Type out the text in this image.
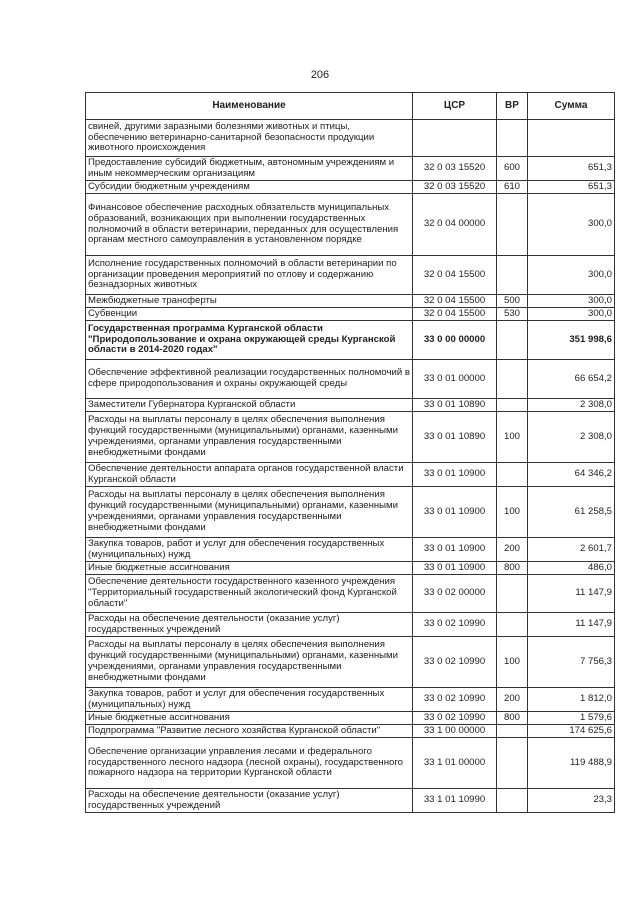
206
Наименование	ЦСР	ВР	Сумма
свиней, другими заразными болезнями животных и птицы, обеспечению ветеринарно-санитарной безопасности продукции животного происхождения			
Предоставление субсидий бюджетным, автономным учреждениям и иным некоммерческим организациям	32 0 03 15520	600	651,3
Субсидии бюджетным учреждениям	32 0 03 15520	610	651,3
Финансовое обеспечение расходных обязательств муниципальных образований, возникающих при выполнении государственных полномочий в области ветеринарии, переданных для осуществления органам местного самоуправления в установленном порядке	32 0 04 00000		300,0
Исполнение государственных полномочий в области ветеринарии по организации проведения мероприятий по отлову и содержанию безнадзорных животных	32 0 04 15500		300,0
Межбюджетные трансферты	32 0 04 15500	500	300,0
Субвенции	32 0 04 15500	530	300,0
Государственная программа Курганской области "Природопользование и охрана окружающей среды Курганской области в 2014-2020 годах"	33 0 00 00000		351 998,6
Обеспечение эффективной реализации государственных полномочий в сфере природопользования и охраны окружающей среды	33 0 01 00000		66 654,2
Заместители Губернатора Курганской области	33 0 01 10890		2 308,0
Расходы на выплаты персоналу в целях обеспечения выполнения функций государственными (муниципальными) органами, казенными учреждениями, органами управления государственными внебюджетными фондами	33 0 01 10890	100	2 308,0
Обеспечение деятельности аппарата органов государственной власти Курганской области	33 0 01 10900		64 346,2
Расходы на выплаты персоналу в целях обеспечения выполнения функций государственными (муниципальными) органами, казенными учреждениями, органами управления государственными внебюджетными фондами	33 0 01 10900	100	61 258,5
Закупка товаров, работ и услуг для обеспечения государственных (муниципальных) нужд	33 0 01 10900	200	2 601,7
Иные бюджетные ассигнования	33 0 01 10900	800	486,0
Обеспечение деятельности государственного казенного учреждения "Территориальный государственный экологический фонд Курганской области"	33 0 02 00000		11 147,9
Расходы на обеспечение деятельности (оказание услуг) государственных учреждений	33 0 02 10990		11 147,9
Расходы на выплаты персоналу в целях обеспечения выполнения функций государственными (муниципальными) органами, казенными учреждениями, органами управления государственными внебюджетными фондами	33 0 02 10990	100	7 756,3
Закупка товаров, работ и услуг для обеспечения государственных (муниципальных) нужд	33 0 02 10990	200	1 812,0
Иные бюджетные ассигнования	33 0 02 10990	800	1 579,6
Подпрограмма "Развитие лесного хозяйства Курганской области"	33 1 00 00000		174 625,6
Обеспечение организации управления лесами и федерального государственного лесного надзора (лесной охраны), государственного пожарного надзора на территории Курганской области	33 1 01 00000		119 488,9
Расходы на обеспечение деятельности (оказание услуг) государственных учреждений	33 1 01 10990		23,3
